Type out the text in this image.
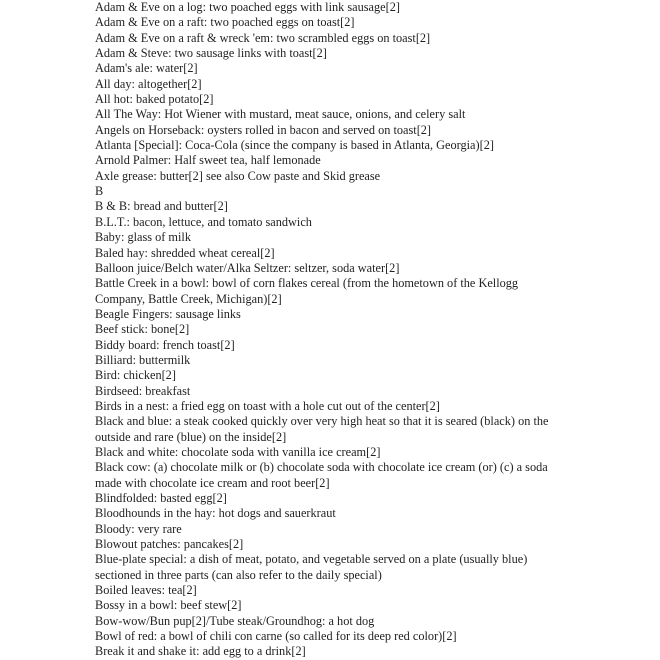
Adam & Eve on a log: two poached eggs with link sausage[2]

Adam & Eve on a raft: two poached eggs on toast[2]

Adam & Eve on a raft & wreck 'em: two scrambled eggs on toast[2]

Adam & Steve: two sausage links with toast[2]

Adam's ale: water[2]

All day: altogether[2]

All hot: baked potato[2]

All The Way: Hot Wiener with mustard, meat sauce, onions, and celery salt

Angels on Horseback: oysters rolled in bacon and served on toast[2]

Atlanta [Special]: Coca-Cola (since the company is based in Atlanta, Georgia)[2]

Arnold Palmer: Half sweet tea, half lemonade

Axle grease: butter[2] see also Cow paste and Skid grease

B

B & B: bread and butter[2]

B.L.T.: bacon, lettuce, and tomato sandwich

Baby: glass of milk

Baled hay: shredded wheat cereal[2]

Balloon juice/Belch water/Alka Seltzer: seltzer, soda water[2]

Battle Creek in a bowl: bowl of corn flakes cereal (from the hometown of the Kellogg Company, Battle Creek, Michigan)[2]

Beagle Fingers: sausage links

Beef stick: bone[2]

Biddy board: french toast[2]

Billiard: buttermilk

Bird: chicken[2]

Birdseed: breakfast

Birds in a nest: a fried egg on toast with a hole cut out of the center[2]

Black and blue: a steak cooked quickly over very high heat so that it is seared (black) on the outside and rare (blue) on the inside[2]

Black and white: chocolate soda with vanilla ice cream[2]

Black cow: (a) chocolate milk or (b) chocolate soda with chocolate ice cream (or) (c) a soda made with chocolate ice cream and root beer[2]

Blindfolded: basted egg[2]

Bloodhounds in the hay: hot dogs and sauerkraut

Bloody: very rare

Blowout patches: pancakes[2]

Blue-plate special: a dish of meat, potato, and vegetable served on a plate (usually blue) sectioned in three parts (can also refer to the daily special)

Boiled leaves: tea[2]

Bossy in a bowl: beef stew[2]

Bow-wow/Bun pup[2]/Tube steak/Groundhog: a hot dog

Bowl of red: a bowl of chili con carne (so called for its deep red color)[2]

Break it and shake it: add egg to a drink[2]
